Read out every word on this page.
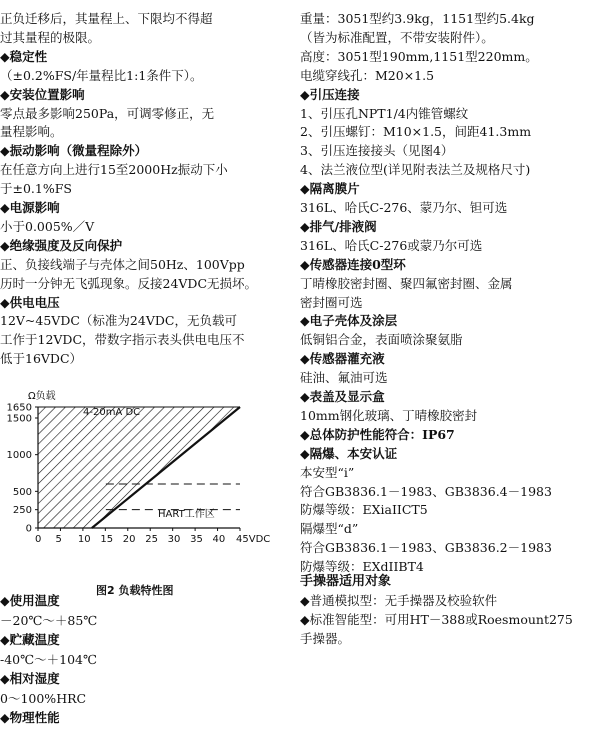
正负迁移后，其量程上、下限均不得超
过其量程的极限。
◆稳定性
（±0.2%FS/年量程比1:1条件下）。
◆安装位置影响
零点最多影响250Pa，可调零修正，无
量程影响。
◆振动影响（微量程除外）
在任意方向上进行15至2000Hz振动下小
于±0.1%FS
◆电源影响
小于0.005%／V
◆绝缘强度及反向保护
正、负接线端子与壳体之间50Hz、100Vpp
历时一分钟无飞弧现象。反接24VDC无损坏。
◆供电电压
12V~45VDC（标准为24VDC，无负载可
工作于12VDC，带数字指示表头供电电压不
低于16VDC）
Ω负载
0 5 10 15 20 25 30 35 40 45VDC
0
250
500
1000
1500
1650	4-20mA DC
HART工作区
图2 负载特性图
◆使用温度
－20℃～＋85℃
◆贮藏温度
-40℃～＋104℃
◆相对湿度
0～100%HRC
◆物理性能
重量：3051型约3.9kg，1151型约5.4kg
（皆为标准配置，不带安装附件）。
高度：3051型190mm,1151型220mm。
电缆穿线孔：M20×1.5
◆引压连接
1、引压孔NPT1/4内锥管螺纹
2、引压螺钉：M10×1.5，间距41.3mm
3、引压连接接头（见图4）
4、法兰液位型(详见附表法兰及规格尺寸)
◆隔离膜片
316L、哈氏C-276、蒙乃尔、钽可选
◆排气/排液阀
316L、哈氏C-276或蒙乃尔可选
◆传感器连接0型环
丁晴橡胶密封圈、聚四氟密封圈、金属
密封圈可选
◆电子壳体及涂层
低铜铝合金，表面喷涂聚氨脂
◆传感器灌充液
硅油、氟油可选
◆表盖及显示盒
10mm钢化玻璃、丁晴橡胶密封
◆总体防护性能符合：IP67
◆隔爆、本安认证
本安型“i”
符合GB3836.1－1983、GB3836.4－1983
防爆等级：EXiaIICT5
隔爆型“d”
符合GB3836.1－1983、GB3836.2－1983
防爆等级：EXdIIBT4
手操器适用对象
◆普通模拟型：无手操器及校验软件
◆标准智能型：可用HT－388或Roesmount275
手操器。
